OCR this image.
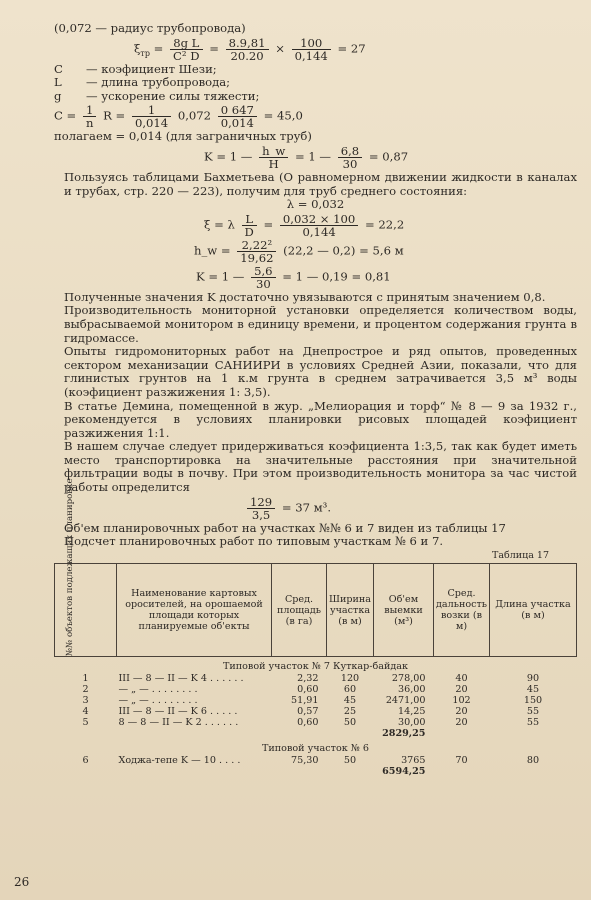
(0,072 — радиус трубопровода)
$\xi_{тр} = \frac{\text{8g L}}{\text{C² D}} = \frac{8.9,81}{20.20} \times \frac{100}{0,144} = 27$
C	— коэфициент Шези;
L	— длина трубопровода;
g	— ускорение силы тяжести;
$C = \frac{1}{n}$ $R = \frac{1}{0,014} 0,072 \frac{0 647}{0,014} = 45,0$
полагаем = 0,014 (для заграничных труб)
K = 1 — $\frac{h\_w}{H} = 1$ — $\frac{6,8}{30} = 0,87$
Пользуясь таблицами Бахметьева (О равномерном движении жидкости в каналах и трубах, стр. 220 — 223), получим для труб среднего состояния:
λ = 0,032
ξ = λ $\frac{L}{D} = \frac{0,032 \times 100}{0,144} = 22,2$
h_w = $\frac{\text{2,22²}}{19,62} (22,2$ — 0,2) = 5,6 м
K = 1 — $\frac{5,6}{30} = 1$ — 0,19 = 0,81
Полученные значения K достаточно увязываются с принятым значением 0,8.
Производительность мониторной установки определяется количеством воды, выбрасываемой монитором в единицу времени, и процентом содержания грунта в гидромассе.
Опыты гидромониторных работ на Днепрострое и ряд опытов, проведенных сектором механизации САНИИРИ в условиях Средней Азии, показали, что для глинистых грунтов на 1 к.м грунта в среднем затрачивается 3,5 м³ воды (коэфициент разжижения 1: 3,5).
В статье Демина, помещенной в жур. „Мелиорация и торф“ № 8 — 9 за 1932 г., рекомендуется в условиях планировки рисовых площадей коэфициент разжижения 1:1.
В нашем случае следует придерживаться коэфициента 1:3,5, так как будет иметь место транспортировка на значительные расстояния при значительной фильтрации воды в почву. При этом производительность монитора за час чистой работы определится
$\frac{129}{3,5} = 37$ м³.
Об'ем планировочных работ на участках №№ 6 и 7 виден из таблицы 17
Подсчет планировочных работ по типовым участкам № 6 и 7.
Таблица 17
№№ объектов подлежащих планировке	Наименование картовых оросителей, на орошаемой площади которых планируемые об'екты	Сред. площадь (в га)	Ширина участка (в м)	Об'ем выемки (м³)	Сред. дальность возки (в м)	Длина участка (в м)
Типовой участок № 7 Куткар-байдак						
1	III — 8 — II — K 4 . . . . . .	2,32	120	278,00	40	90
2	— „ — . . . . . . . .	0,60	60	36,00	20	45
3	— „ — . . . . . . . .	51,91	45	2471,00	102	150
4	III — 8 — II — K 6 . . . . .	0,57	25	14,25	20	55
5	8 — 8 — II — K 2 . . . . . .	0,60	50	30,00	20	55
				2829,25		
Типовой участок № 6						
6	Ходжа-тепе K — 10 . . . .	75,30	50	3765	70	80
				6594,25		
26
